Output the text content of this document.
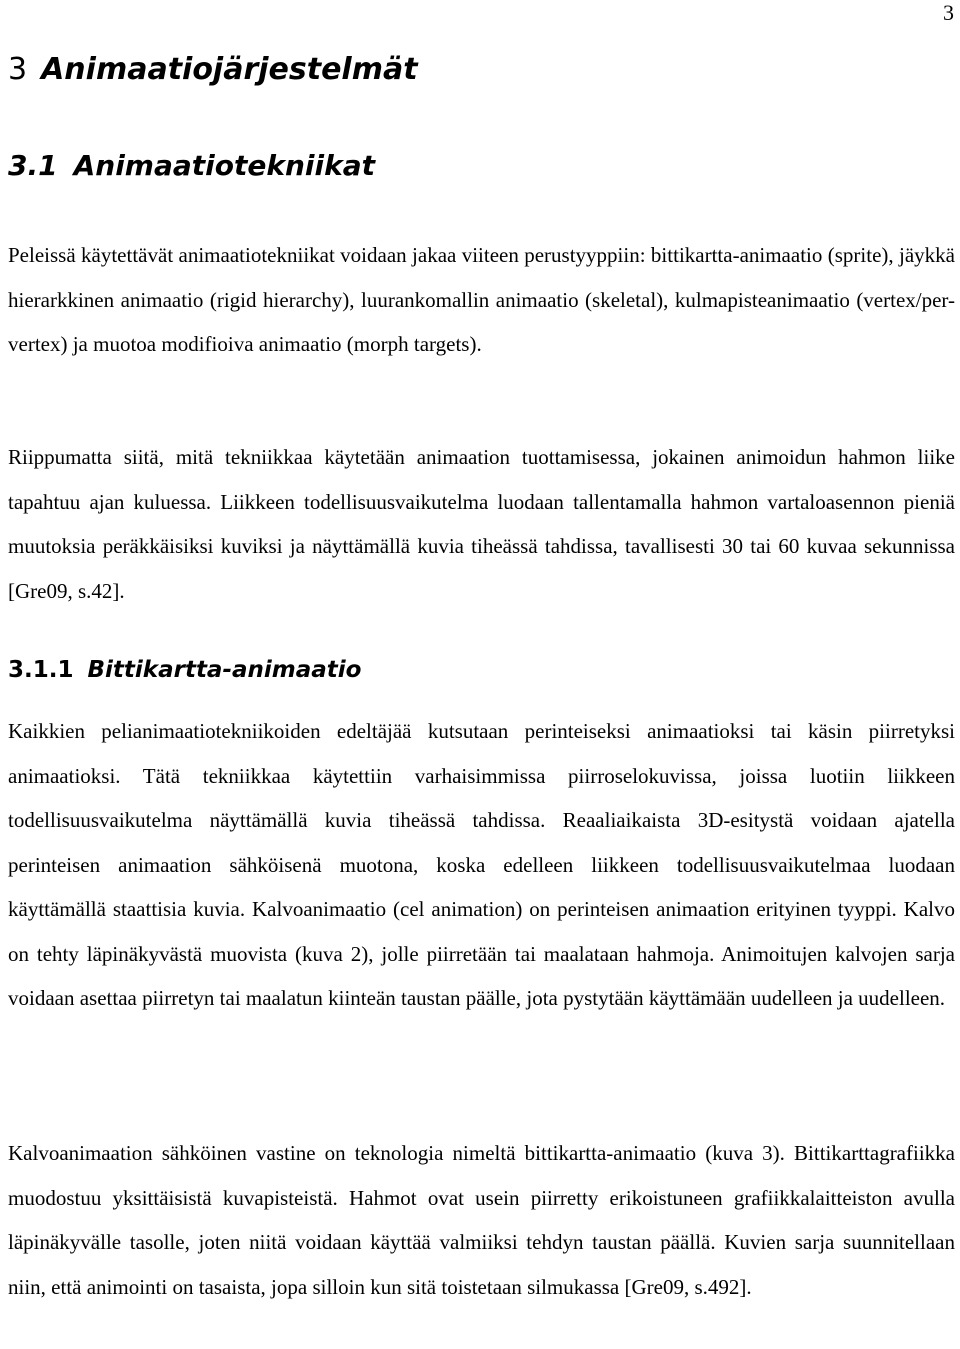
3
3 Animaatiojärjestelmät
3.1 Animaatiotekniikat

Peleissä käytettävät animaatiotekniikat voidaan jakaa viiteen perustyyppiin: bittikartta-animaatio (sprite), jäykkä hierarkkinen animaatio (rigid hierarchy), luurankomallin animaatio (skeletal), kulmapisteanimaatio (vertex/per-vertex) ja muotoa modifioiva animaatio (morph targets).

Riippumatta siitä, mitä tekniikkaa käytetään animaation tuottamisessa, jokainen animoidun hahmon liike tapahtuu ajan kuluessa. Liikkeen todellisuusvaikutelma luodaan tallentamalla hahmon vartaloasennon pieniä muutoksia peräkkäisiksi kuviksi ja näyttämällä kuvia tiheässä tahdissa, tavallisesti 30 tai 60 kuvaa sekunnissa [Gre09, s.42].

3.1.1 Bittikartta-animaatio

Kaikkien pelianimaatiotekniikoiden edeltäjää kutsutaan perinteiseksi animaatioksi tai käsin piirretyksi animaatioksi. Tätä tekniikkaa käytettiin varhaisimmissa piirroselokuvissa, joissa luotiin liikkeen todellisuusvaikutelma näyttämällä kuvia tiheässä tahdissa. Reaaliaikaista 3D-esitystä voidaan ajatella perinteisen animaation sähköisenä muotona, koska edelleen liikkeen todellisuusvaikutelmaa luodaan käyttämällä staattisia kuvia. Kalvoanimaatio (cel animation) on perinteisen animaation erityinen tyyppi. Kalvo on tehty läpinäkyvästä muovista (kuva 2), jolle piirretään tai maalataan hahmoja. Animoitujen kalvojen sarja voidaan asettaa piirretyn tai maalatun kiinteän taustan päälle, jota pystytään käyttämään uudelleen ja uudelleen.

Kalvoanimaation sähköinen vastine on teknologia nimeltä bittikartta-animaatio (kuva 3). Bittikarttagrafiikka muodostuu yksittäisistä kuvapisteistä. Hahmot ovat usein piirretty erikoistuneen grafiikkalaitteiston avulla läpinäkyvälle tasolle, joten niitä voidaan käyttää valmiiksi tehdyn taustan päällä. Kuvien sarja suunnitellaan niin, että animointi on tasaista, jopa silloin kun sitä toistetaan silmukassa [Gre09, s.492].
